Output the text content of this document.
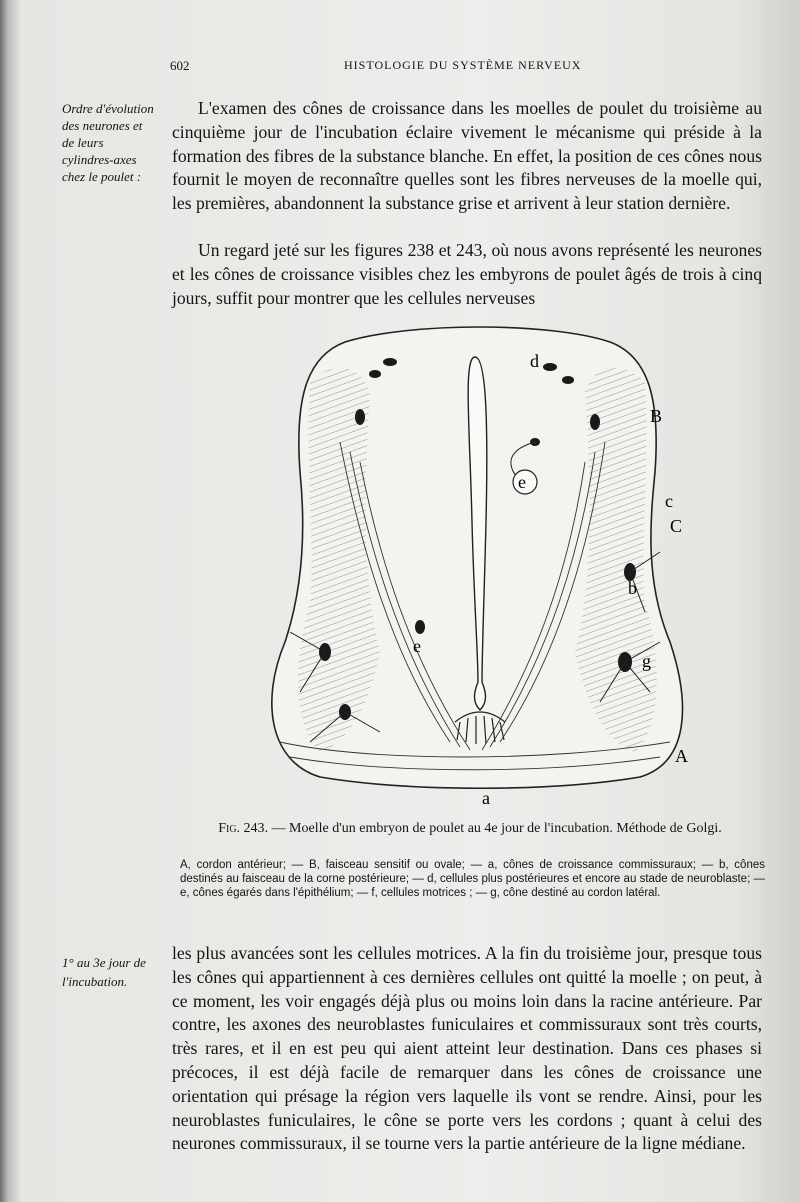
602	HISTOLOGIE DU SYSTÈME NERVEUX
Ordre d'évolution des neurones et de leurs cylindres-axes chez le poulet :
L'examen des cônes de croissance dans les moelles de poulet du troisième au cinquième jour de l'incubation éclaire vivement le mécanisme qui préside à la formation des fibres de la substance blanche. En effet, la position de ces cônes nous fournit le moyen de reconnaître quelles sont les fibres nerveuses de la moelle qui, les premières, abandonnent la substance grise et arrivent à leur station dernière.
Un regard jeté sur les figures 238 et 243, où nous avons représenté les neurones et les cônes de croissance visibles chez les embyrons de poulet âgés de trois à cinq jours, suffit pour montrer que les cellules nerveuses
a
A
B
c
C
b
d
e
e
g
Fig. 243. — Moelle d'un embryon de poulet au 4e jour de l'incubation. Méthode de Golgi.
A, cordon antérieur; — B, faisceau sensitif ou ovale; — a, cônes de croissance commissuraux; — b, cônes destinés au faisceau de la corne postérieure; — d, cellules plus postérieures et encore au stade de neuroblaste; — e, cônes égarés dans l'épithélium; — f, cellules motrices ; — g, cône destiné au cordon latéral.
1° au 3e jour de l'incubation.
les plus avancées sont les cellules motrices. A la fin du troisième jour, presque tous les cônes qui appartiennent à ces dernières cellules ont quitté la moelle ; on peut, à ce moment, les voir engagés déjà plus ou moins loin dans la racine antérieure. Par contre, les axones des neuroblastes funiculaires et commissuraux sont très courts, très rares, et il en est peu qui aient atteint leur destination. Dans ces phases si précoces, il est déjà facile de remarquer dans les cônes de croissance une orientation qui présage la région vers laquelle ils vont se rendre. Ainsi, pour les neuroblastes funiculaires, le cône se porte vers les cordons ; quant à celui des neurones commissuraux, il se tourne vers la partie antérieure de la ligne médiane.
